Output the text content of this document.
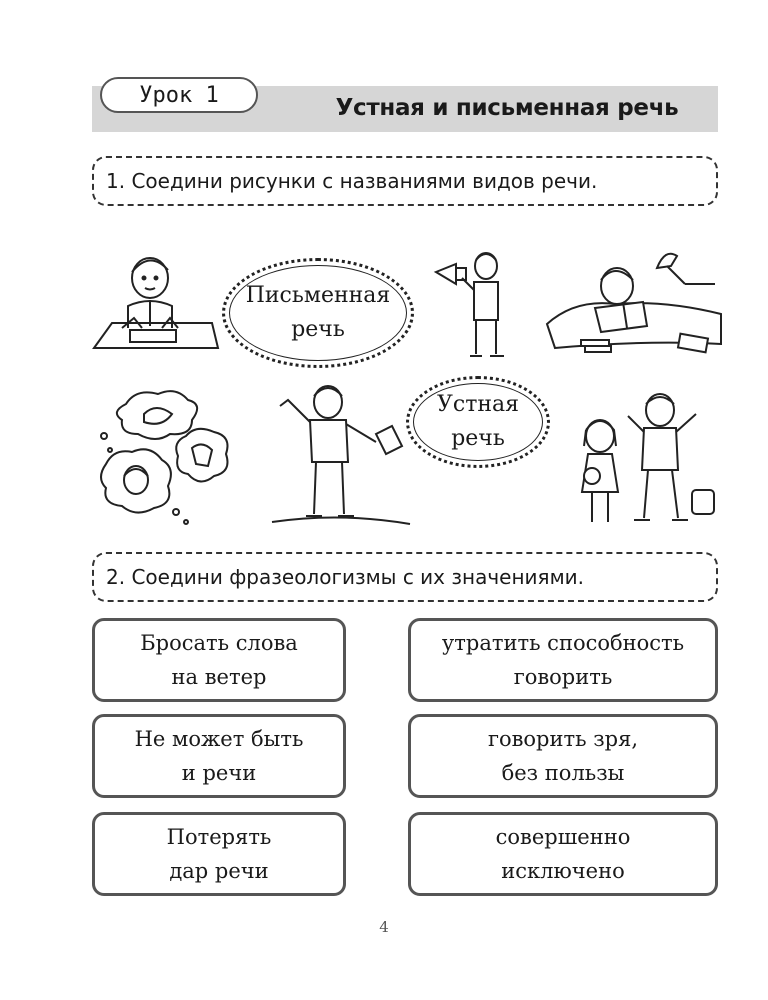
Урок 1	Устная и письменная речь
1. Соедини рисунки с названиями видов речи.
Письменная
речь
Устная
речь
2. Соедини фразеологизмы с их значениями.
Бросать слова
на ветер
Не может быть
и речи
Потерять
дар речи
утратить способность
говорить
говорить зря,
без пользы
совершенно
исключено
4
